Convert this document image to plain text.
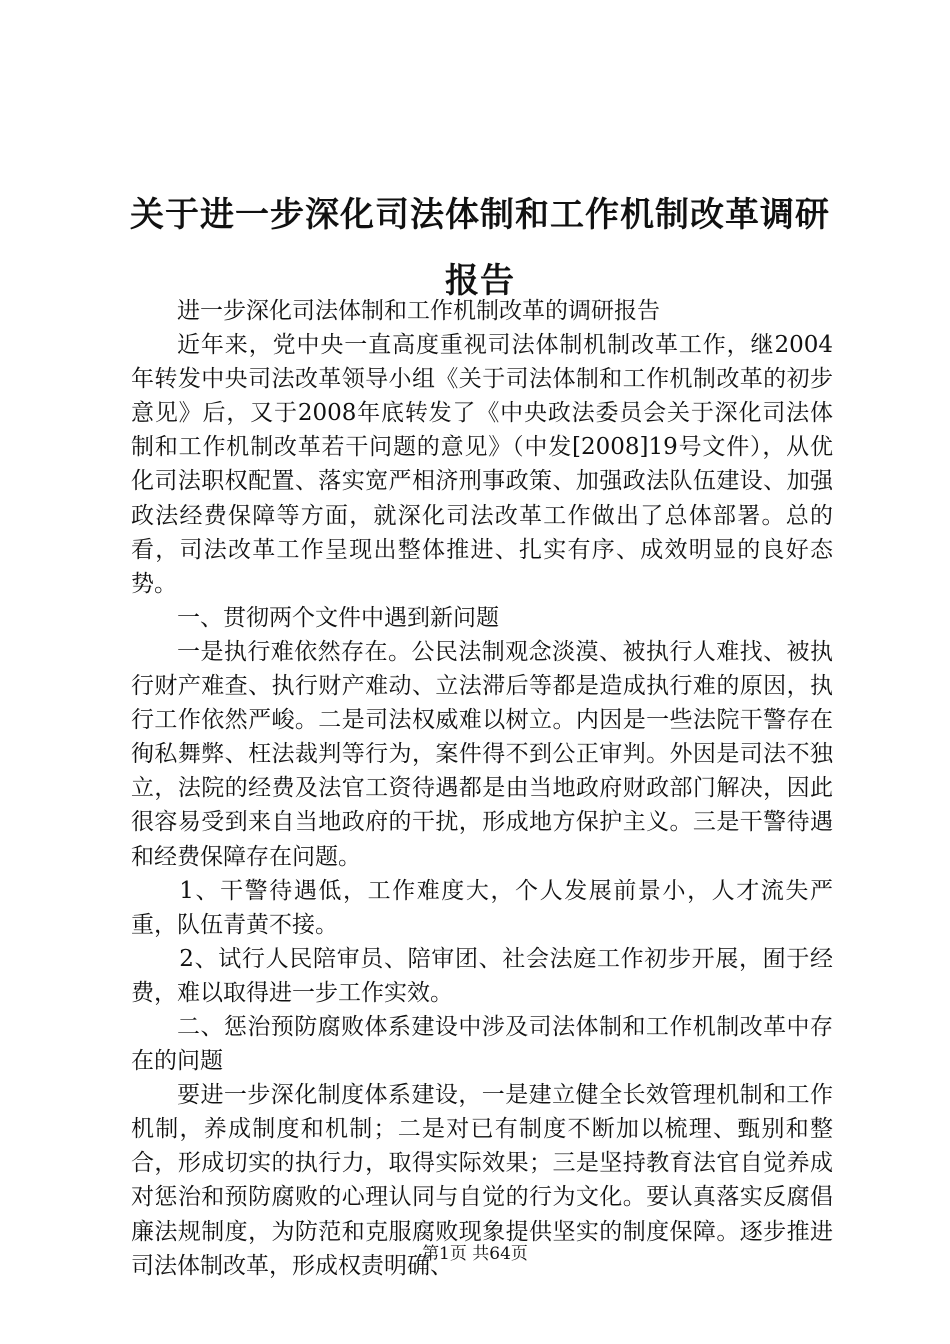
关于进一步深化司法体制和工作机制改革调研
报告

进一步深化司法体制和工作机制改革的调研报告

近年来，党中央一直高度重视司法体制机制改革工作，继2004年转发中央司法改革领导小组《关于司法体制和工作机制改革的初步意见》后，又于2008年底转发了《中央政法委员会关于深化司法体制和工作机制改革若干问题的意见》（中发[2008]19号文件），从优化司法职权配置、落实宽严相济刑事政策、加强政法队伍建设、加强政法经费保障等方面，就深化司法改革工作做出了总体部署。总的看，司法改革工作呈现出整体推进、扎实有序、成效明显的良好态势。

一、贯彻两个文件中遇到新问题

一是执行难依然存在。公民法制观念淡漠、被执行人难找、被执行财产难查、执行财产难动、立法滞后等都是造成执行难的原因，执行工作依然严峻。二是司法权威难以树立。内因是一些法院干警存在徇私舞弊、枉法裁判等行为，案件得不到公正审判。外因是司法不独立，法院的经费及法官工资待遇都是由当地政府财政部门解决，因此很容易受到来自当地政府的干扰，形成地方保护主义。三是干警待遇和经费保障存在问题。

1、干警待遇低，工作难度大，个人发展前景小，人才流失严重，队伍青黄不接。

2、试行人民陪审员、陪审团、社会法庭工作初步开展，囿于经费，难以取得进一步工作实效。

二、惩治预防腐败体系建设中涉及司法体制和工作机制改革中存在的问题

要进一步深化制度体系建设，一是建立健全长效管理机制和工作机制，养成制度和机制；二是对已有制度不断加以梳理、甄别和整合，形成切实的执行力，取得实际效果；三是坚持教育法官自觉养成对惩治和预防腐败的心理认同与自觉的行为文化。要认真落实反腐倡廉法规制度，为防范和克服腐败现象提供坚实的制度保障。逐步推进司法体制改革，形成权责明确、

第1页 共64页
